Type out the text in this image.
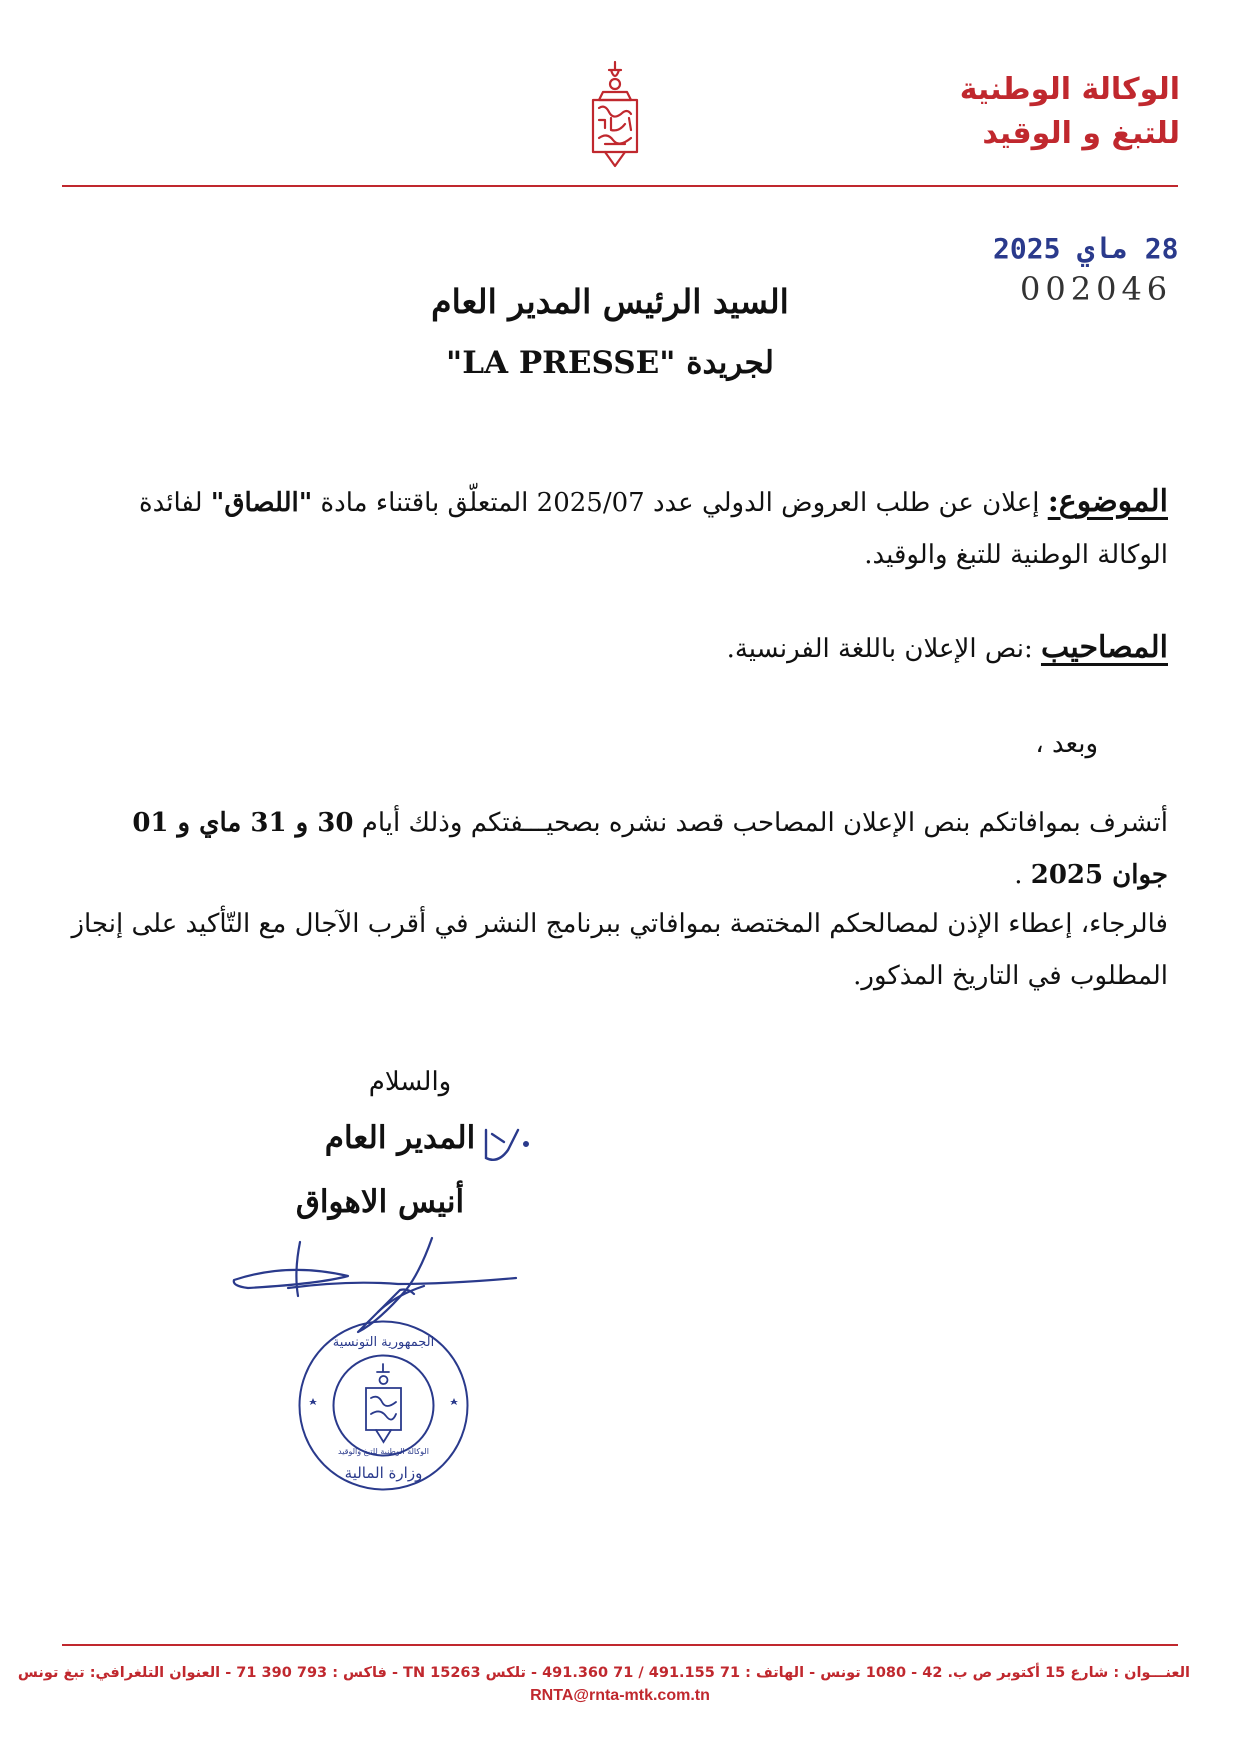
الوكالة الوطنية
للتبغ و الوقيد
28 ماي 2025
002046
السيد الرئيس المدير العام
لجريدة "LA PRESSE"
الموضوع: إعلان عن طلب العروض الدولي عدد 2025/07 المتعلّق باقتناء مادة "اللصاق" لفائدة الوكالة الوطنية للتبغ والوقيد.
المصاحيب :نص الإعلان باللغة الفرنسية.
وبعد ،
أتشرف بموافاتكم بنص الإعلان المصاحب قصد نشره بصحيـــفتكم وذلك أيام 30 و 31 ماي و 01 جوان 2025 .
فالرجاء، إعطاء الإذن لمصالحكم المختصة بموافاتي ببرنامج النشر في أقرب الآجال مع التّأكيد على إنجاز المطلوب في التاريخ المذكور.
والسلام
المدير العام
أنيس الاهواق
الجمهورية التونسية
وزارة المالية
الوكالة الوطنية للتبغ والوقيد
العنـــوان : شارع 15 أكتوبر ص ب. 42 - 1080 تونس - الهاتف : 71 491.155 / 71 491.360 - تلكس 15263 TN - فاكس : 793 390 71 - العنوان التلغرافي: تبغ تونس
RNTA@rnta-mtk.com.tn
